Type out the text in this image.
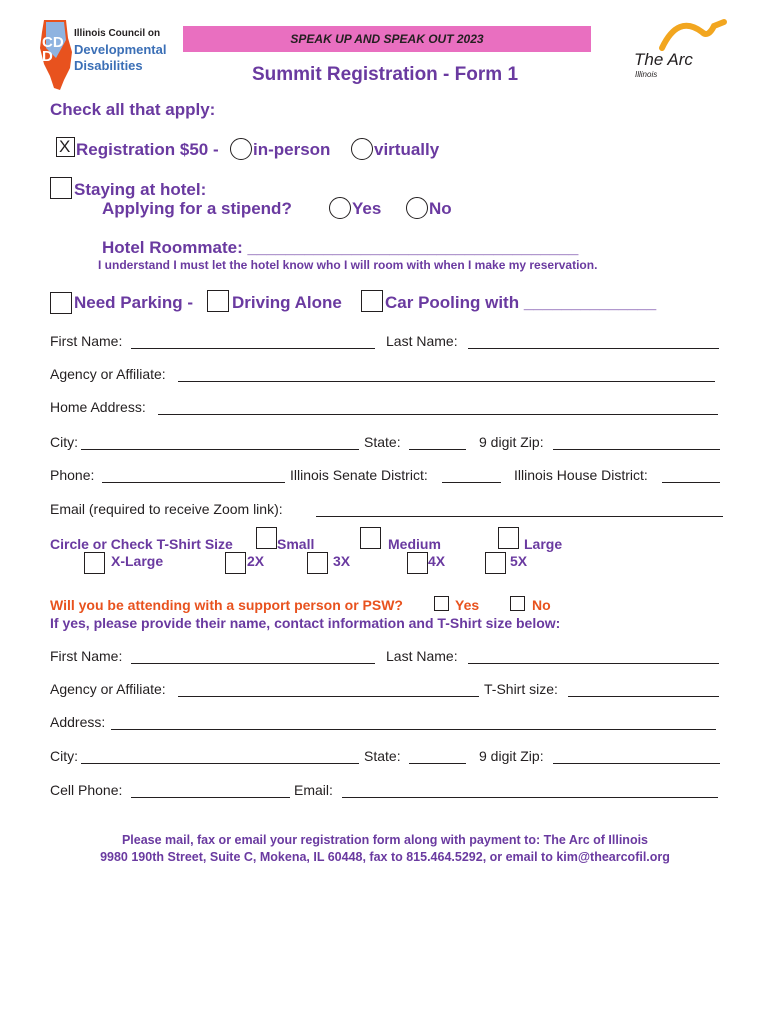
CDD
Illinois Council on
Developmental
Disabilities
SPEAK UP AND SPEAK OUT 2023
The Arc
Illinois
Summit Registration - Form 1
Check all that apply:
X Registration $50 - in-person	virtually
Staying at hotel:
Applying for a stipend?	Yes	No
Hotel Roommate: ___________________________________
I understand I must let the hotel know who I will room with when I make my reservation.
Need Parking - Driving Alone	Car Pooling with ______________
First Name:	Last Name:
Agency or Affiliate:
Home Address:
City:	State:	9 digit Zip:
Phone:	Illinois Senate District:	Illinois House District:
Email (required to receive Zoom link):
Circle or Check T-Shirt Size	Small	Medium	Large
X-Large	2X	3X	4X	5X
Will you be attending with a support person or PSW?	Yes	No
If yes, please provide their name, contact information and T-Shirt size below:
First Name:	Last Name:
Agency or Affiliate:	T-Shirt size:
Address:
City:	State:	9 digit Zip:
Cell Phone:	Email:
Please mail, fax or email your registration form along with payment to: The Arc of Illinois
9980 190th Street, Suite C, Mokena, IL 60448, fax to 815.464.5292, or email to kim@thearcofil.org
